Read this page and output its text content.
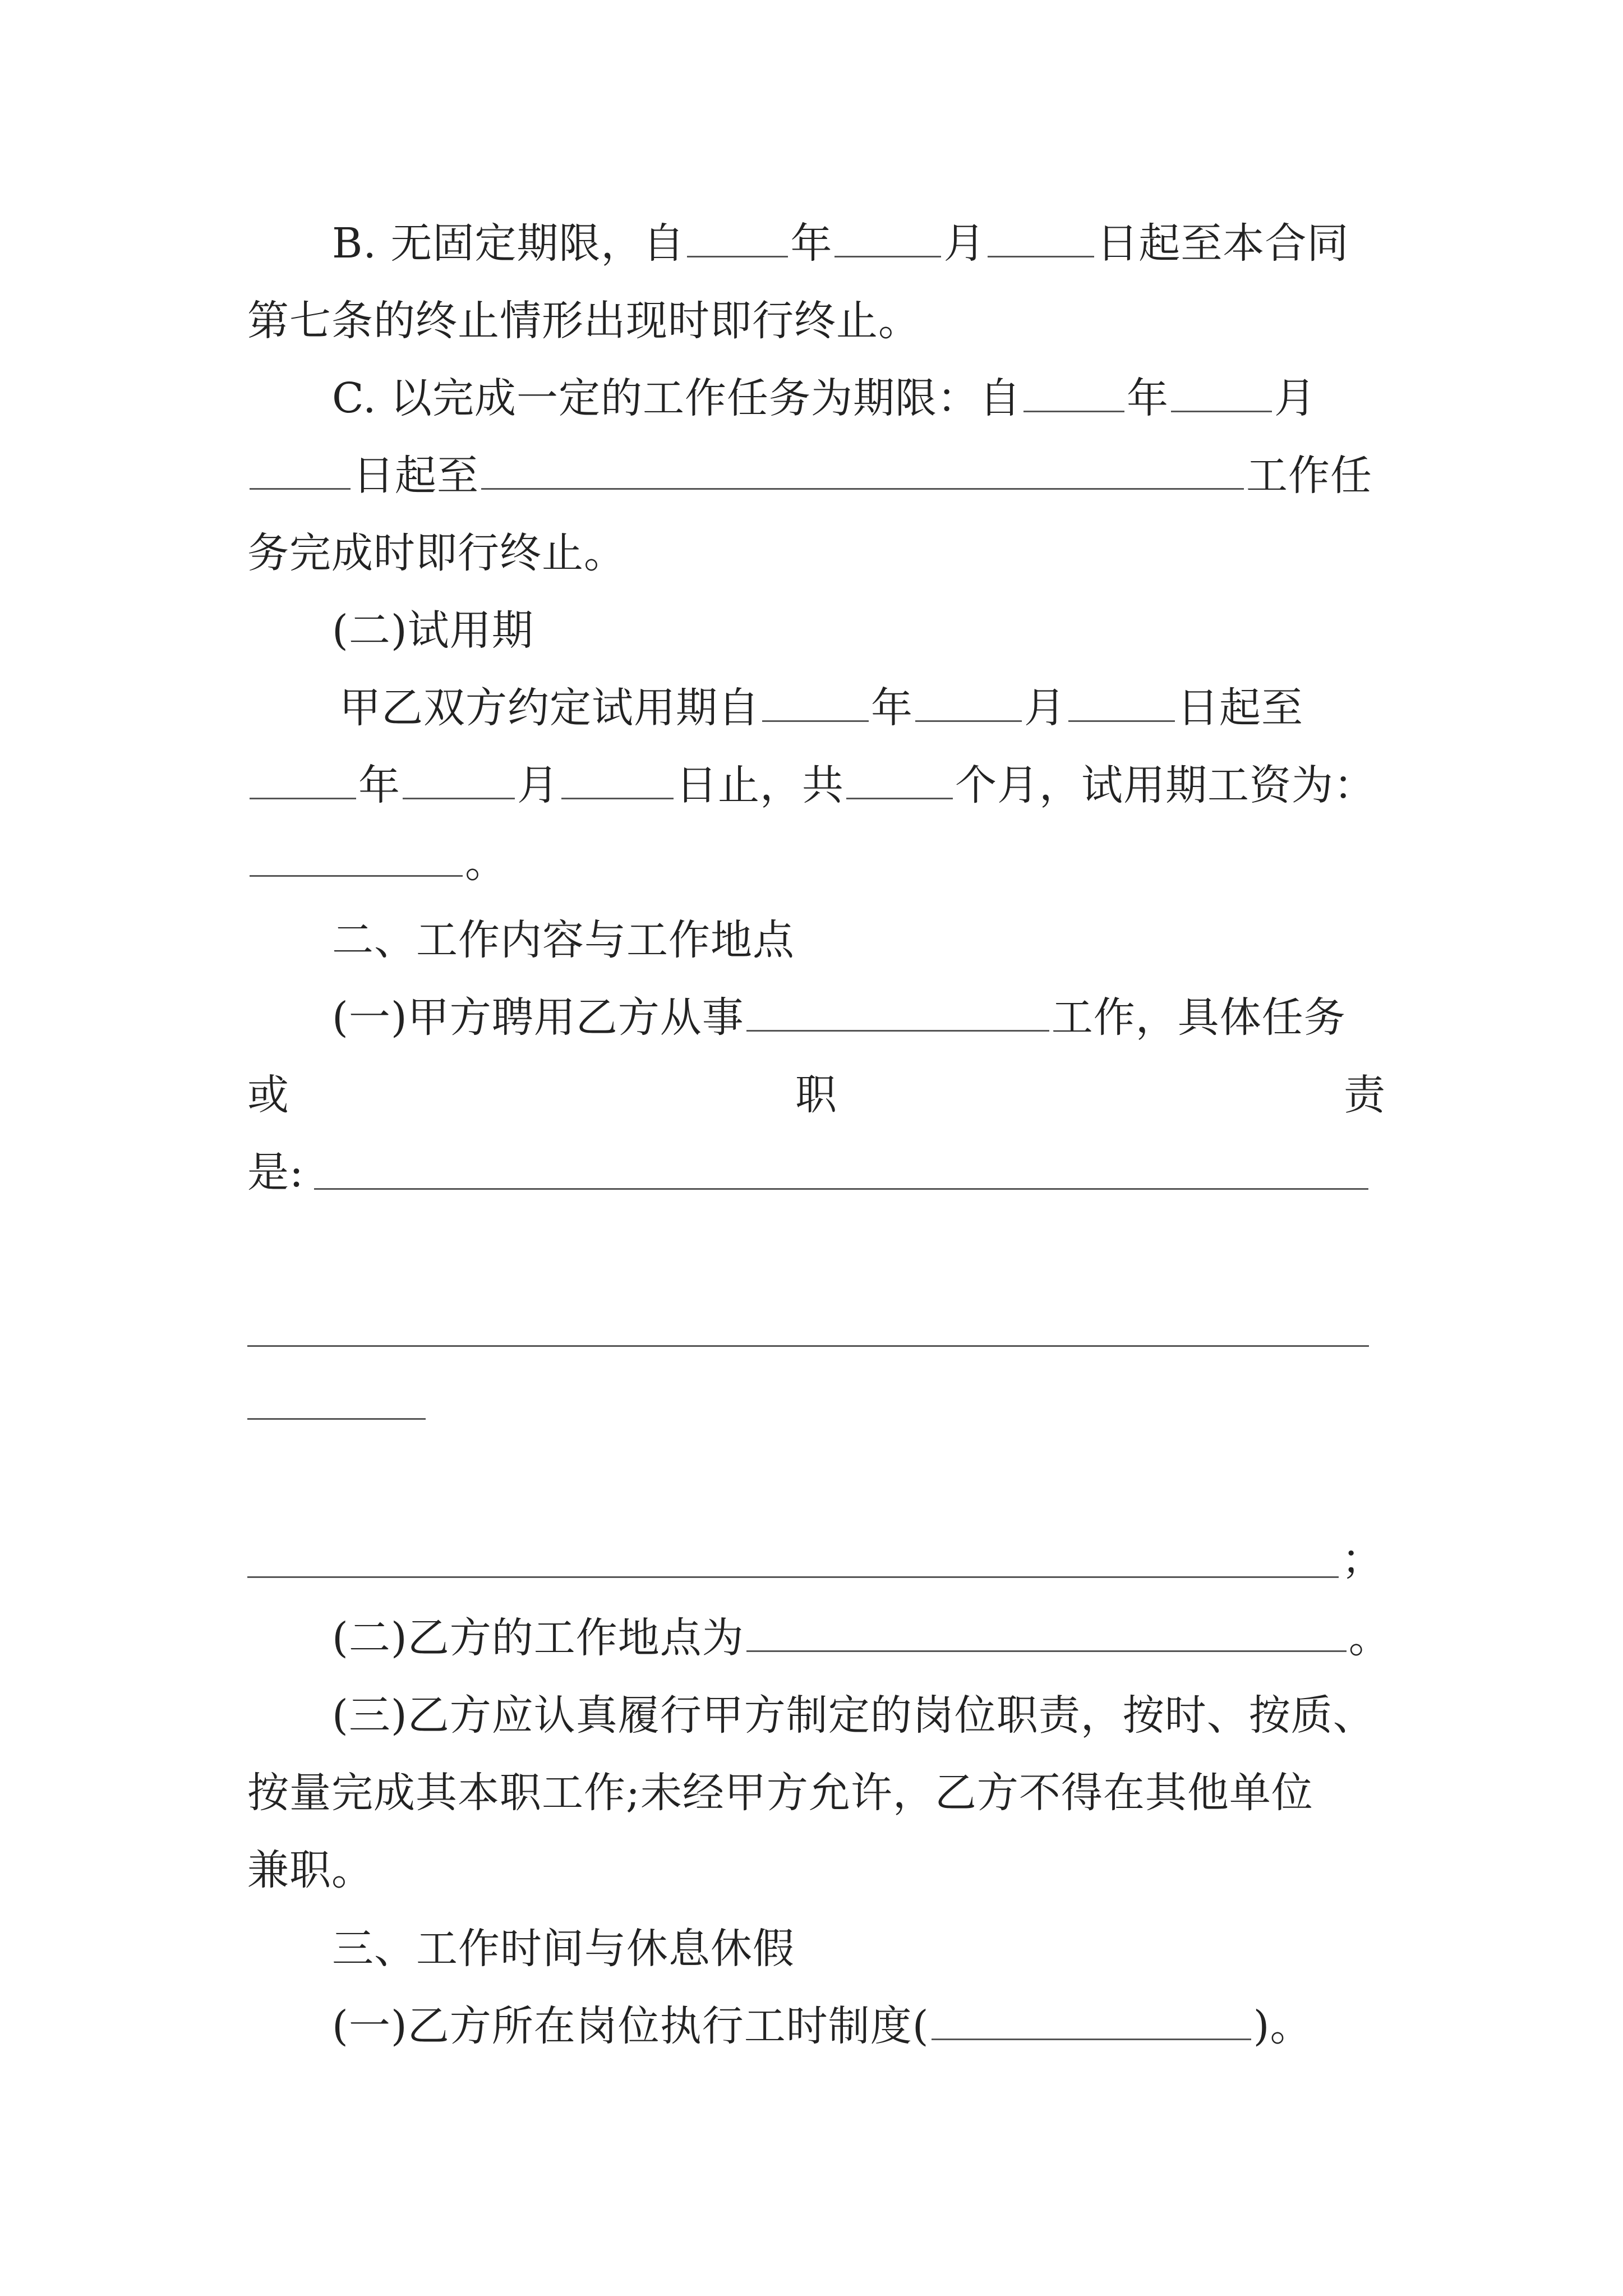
B. 无固定期限，自	年	月	日起至本合同
第七条的终止情形出现时即行终止。
C. 以完成一定的工作任务为期限：自	年	月
日起至	工作任
务完成时即行终止。
(二)试用期
甲乙双方约定试用期自	年	月	日起至
年	月	日止，共	个月，试用期工资为：
。
二、工作内容与工作地点
(一)甲方聘用乙方从事	工作，具体任务
或	职	责
是:
；
(二)乙方的工作地点为	。
(三)乙方应认真履行甲方制定的岗位职责，按时、按质、
按量完成其本职工作;未经甲方允许，乙方不得在其他单位
兼职。
三、工作时间与休息休假
(一)乙方所在岗位执行工时制度(	)。
